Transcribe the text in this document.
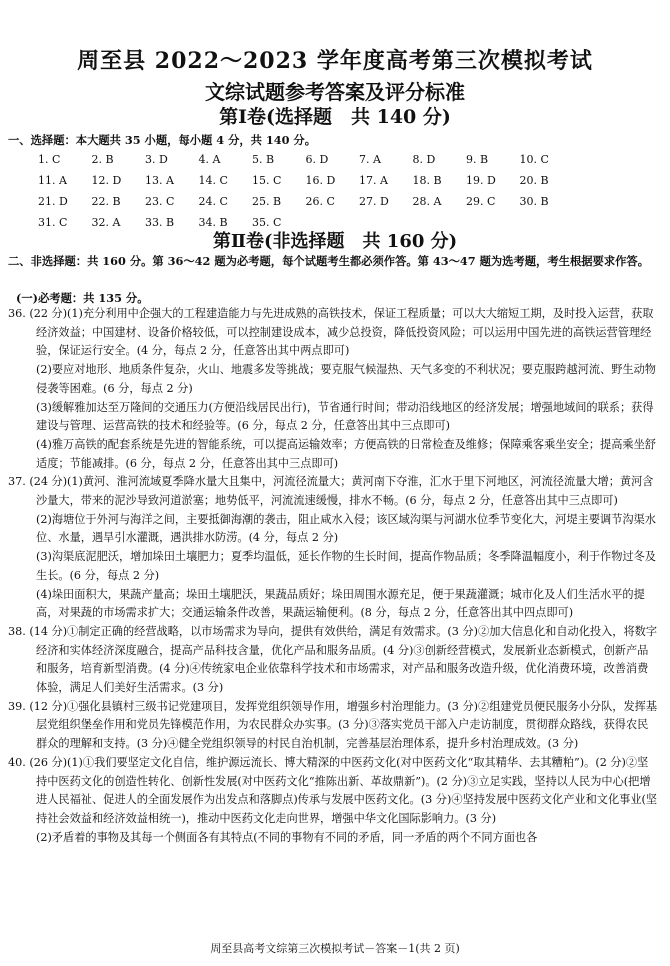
周至县 2022～2023 学年度高考第三次模拟考试
文综试题参考答案及评分标准
第Ⅰ卷(选择题　共 140 分)
一、选择题：本大题共 35 小题，每小题 4 分，共 140 分。
1. C	2. B	3. D	4. A	5. B	6. D	7. A	8. D	9. B	10. C
11. A	12. D	13. A	14. C	15. C	16. D	17. A	18. B	19. D	20. B
21. D	22. B	23. C	24. C	25. B	26. C	27. D	28. A	29. C	30. B
31. C	32. A	33. B	34. B	35. C
第Ⅱ卷(非选择题　共 160 分)
二、非选择题：共 160 分。第 36～42 题为必考题，每个试题考生都必须作答。第 43～47 题为选考题，考生根据要求作答。
(一)必考题：共 135 分。

36. (22 分)(1)充分利用中企强大的工程建造能力与先进成熟的高铁技术，保证工程质量；可以大大缩短工期，及时投入运营，获取经济效益；中国建材、设备价格较低，可以控制建设成本，减少总投资，降低投资风险；可以运用中国先进的高铁运营管理经验，保证运行安全。(4 分，每点 2 分，任意答出其中两点即可)

(2)要应对地形、地质条件复杂，火山、地震多发等挑战；要克服气候湿热、天气多变的不利状况；要克服跨越河流、野生动物侵袭等困难。(6 分，每点 2 分)

(3)缓解雅加达至万隆间的交通压力(方便沿线居民出行)，节省通行时间；带动沿线地区的经济发展；增强地域间的联系；获得建设与管理、运营高铁的技术和经验等。(6 分，每点 2 分，任意答出其中三点即可)

(4)雅万高铁的配套系统是先进的智能系统，可以提高运输效率；方便高铁的日常检查及维修；保障乘客乘坐安全；提高乘坐舒适度；节能减排。(6 分，每点 2 分，任意答出其中三点即可)

37. (24 分)(1)黄河、淮河流域夏季降水量大且集中，河流径流量大；黄河南下夺淮，汇水于里下河地区，河流径流量大增；黄河含沙量大，带来的泥沙导致河道淤塞；地势低平，河流流速缓慢，排水不畅。(6 分，每点 2 分，任意答出其中三点即可)

(2)海塘位于外河与海洋之间，主要抵御海潮的袭击，阻止咸水入侵；该区域沟渠与河湖水位季节变化大，河堤主要调节沟渠水位、水量，遇旱引水灌溉，遇洪排水防涝。(4 分，每点 2 分)

(3)沟渠底泥肥沃，增加垛田土壤肥力；夏季均温低，延长作物的生长时间，提高作物品质；冬季降温幅度小，利于作物过冬及生长。(6 分，每点 2 分)

(4)垛田面积大，果蔬产量高；垛田土壤肥沃，果蔬品质好；垛田周围水源充足，便于果蔬灌溉；城市化及人们生活水平的提高，对果蔬的市场需求扩大；交通运输条件改善，果蔬运输便利。(8 分，每点 2 分，任意答出其中四点即可)

38. (14 分)①制定正确的经营战略，以市场需求为导向，提供有效供给，满足有效需求。(3 分)②加大信息化和自动化投入，将数字经济和实体经济深度融合，提高产品科技含量，优化产品和服务品质。(4 分)③创新经营模式，发展新业态新模式，创新产品和服务，培育新型消费。(4 分)④传统家电企业依靠科学技术和市场需求，对产品和服务改造升级，优化消费环境，改善消费体验，满足人们美好生活需求。(3 分)

39. (12 分)①强化县镇村三级书记党建项目，发挥党组织领导作用，增强乡村治理能力。(3 分)②组建党员便民服务小分队，发挥基层党组织堡垒作用和党员先锋模范作用，为农民群众办实事。(3 分)③落实党员干部入户走访制度，贯彻群众路线，获得农民群众的理解和支持。(3 分)④健全党组织领导的村民自治机制，完善基层治理体系，提升乡村治理成效。(3 分)

40. (26 分)(1)①我们要坚定文化自信，维护源远流长、博大精深的中医药文化(对中医药文化“取其精华、去其糟粕”)。(2 分)②坚持中医药文化的创造性转化、创新性发展(对中医药文化“推陈出新、革故鼎新”)。(2 分)③立足实践，坚持以人民为中心(把增进人民福祉、促进人的全面发展作为出发点和落脚点)传承与发展中医药文化。(3 分)④坚持发展中医药文化产业和文化事业(坚持社会效益和经济效益相统一)，推动中医药文化走向世界，增强中华文化国际影响力。(3 分)

(2)矛盾着的事物及其每一个侧面各有其特点(不同的事物有不同的矛盾，同一矛盾的两个不同方面也各

周至县高考文综第三次模拟考试－答案－1(共 2 页)
